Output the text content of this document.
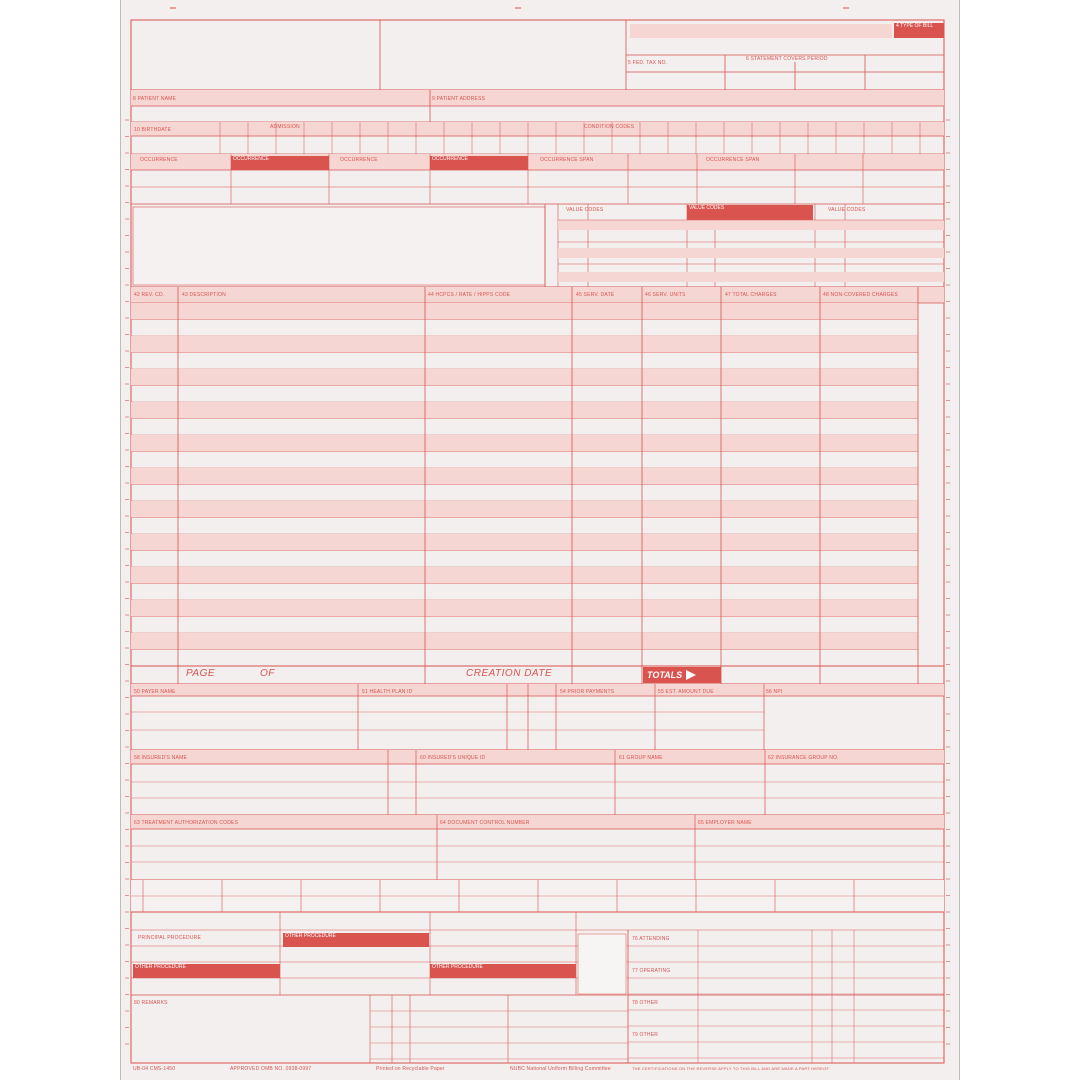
8 PATIENT NAME	9 PATIENT ADDRESS
5 FED. TAX NO.
6 STATEMENT COVERS PERIOD
10 BIRTHDATE	ADMISSION	CONDITION CODES
OCCURRENCE	OCCURRENCE	OCCURRENCE SPAN	OCCURRENCE SPAN
VALUE CODES	VALUE CODES
OCCURRENCE	OCCURRENCE
VALUE CODES
4 TYPE OF BILL
42 REV. CD.	43 DESCRIPTION	44 HCPCS / RATE / HIPPS CODE	45 SERV. DATE	46 SERV. UNITS	47 TOTAL CHARGES	48 NON-COVERED CHARGES
PAGE	OF	CREATION DATE	TOTALS
50 PAYER NAME	51 HEALTH PLAN ID	54 PRIOR PAYMENTS	55 EST. AMOUNT DUE	56 NPI
58 INSURED'S NAME	60 INSURED'S UNIQUE ID	61 GROUP NAME	62 INSURANCE GROUP NO.
63 TREATMENT AUTHORIZATION CODES	64 DOCUMENT CONTROL NUMBER	65 EMPLOYER NAME
OTHER PROCEDURE
OTHER PROCEDURE	OTHER PROCEDURE
PRINCIPAL PROCEDURE	76 ATTENDING
77 OPERATING
78 OTHER
79 OTHER
80 REMARKS
UB-04 CMS-1450	APPROVED OMB NO. 0938-0997	Printed on Recyclable Paper	NUBC National Uniform Billing Committee	THE CERTIFICATIONS ON THE REVERSE APPLY TO THIS BILL AND ARE MADE A PART HEREOF.
